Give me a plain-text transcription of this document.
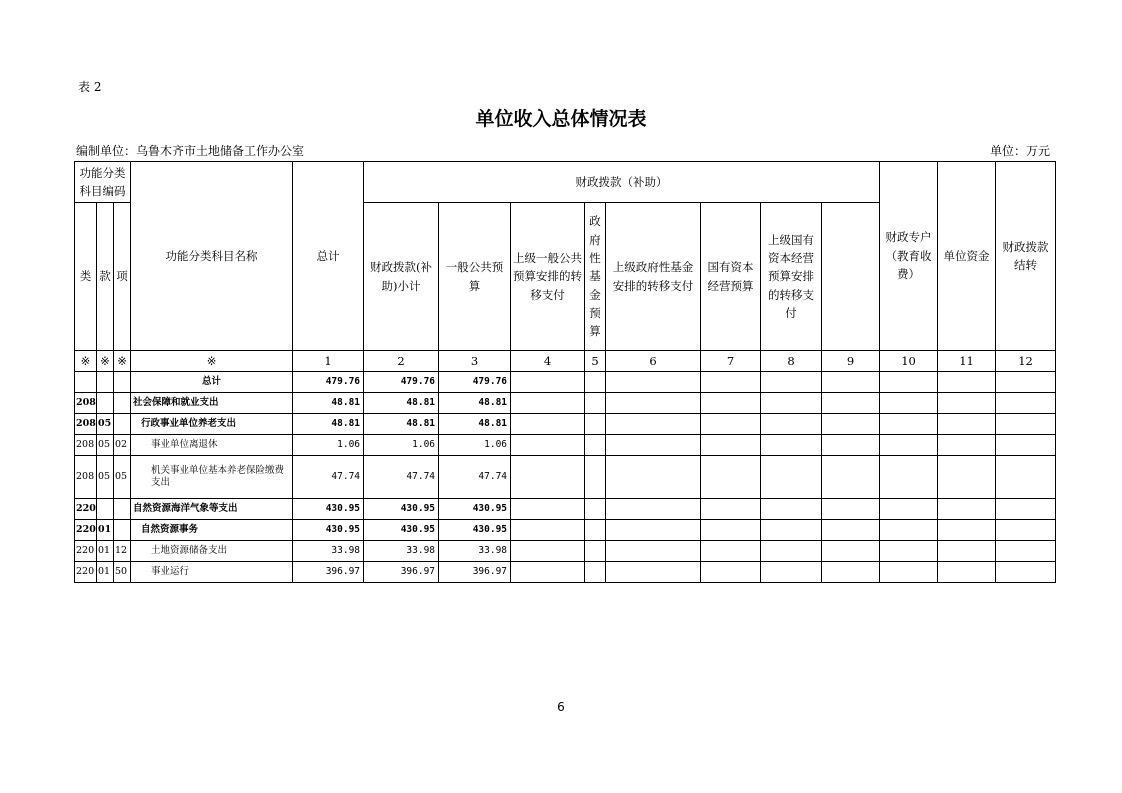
表 2
单位收入总体情况表
编制单位：乌鲁木齐市土地储备工作办公室	单位：万元
功能分类科目编码			功能分类科目名称	总计	财政拨款（补助）								财政专户（教育收费）	单位资金	财政拨款结转	
类	款	项			财政拨款(补助)小计	一般公共预算	上级一般公共预算安排的转移支付	政府性基金预算	上级政府性基金安排的转移支付	国有资本经营预算	上级国有资本经营预算安排的转移支付					
※	※	※	※	1	2	3	4	5	6	7	8	9	10	11	12	
			总计	479.76	479.76	479.76										
208			社会保障和就业支出	48.81	48.81	48.81										
208	05		行政事业单位养老支出	48.81	48.81	48.81										
208	05	02	事业单位离退休	1.06	1.06	1.06										
208	05	05	机关事业单位基本养老保险缴费支出	47.74	47.74	47.74										
220			自然资源海洋气象等支出	430.95	430.95	430.95										
220	01		自然资源事务	430.95	430.95	430.95										
220	01	12	土地资源储备支出	33.98	33.98	33.98										
220	01	50	事业运行	396.97	396.97	396.97										
6
